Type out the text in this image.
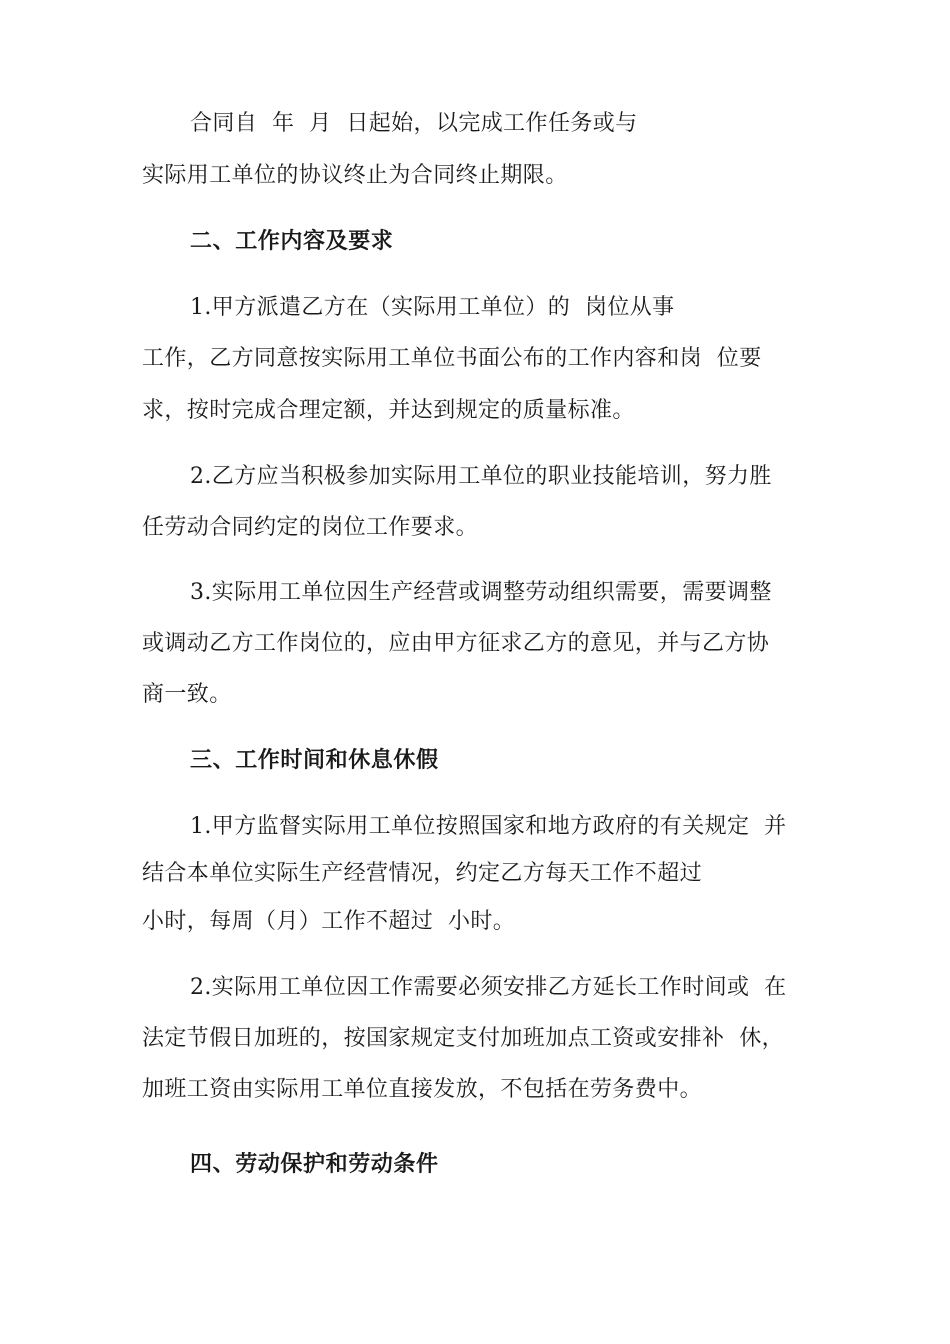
合同自  年  月  日起始，以完成工作任务或与
实际用工单位的协议终止为合同终止期限。
二、工作内容及要求
1.甲方派遣乙方在（实际用工单位）的  岗位从事
工作，乙方同意按实际用工单位书面公布的工作内容和岗  位要
求，按时完成合理定额，并达到规定的质量标准。
2.乙方应当积极参加实际用工单位的职业技能培训，努力胜
任劳动合同约定的岗位工作要求。
3.实际用工单位因生产经营或调整劳动组织需要，需要调整
或调动乙方工作岗位的，应由甲方征求乙方的意见，并与乙方协
商一致。
三、工作时间和休息休假
1.甲方监督实际用工单位按照国家和地方政府的有关规定  并
结合本单位实际生产经营情况，约定乙方每天工作不超过
小时，每周（月）工作不超过  小时。
2.实际用工单位因工作需要必须安排乙方延长工作时间或  在
法定节假日加班的，按国家规定支付加班加点工资或安排补  休，
加班工资由实际用工单位直接发放，不包括在劳务费中。
四、劳动保护和劳动条件
